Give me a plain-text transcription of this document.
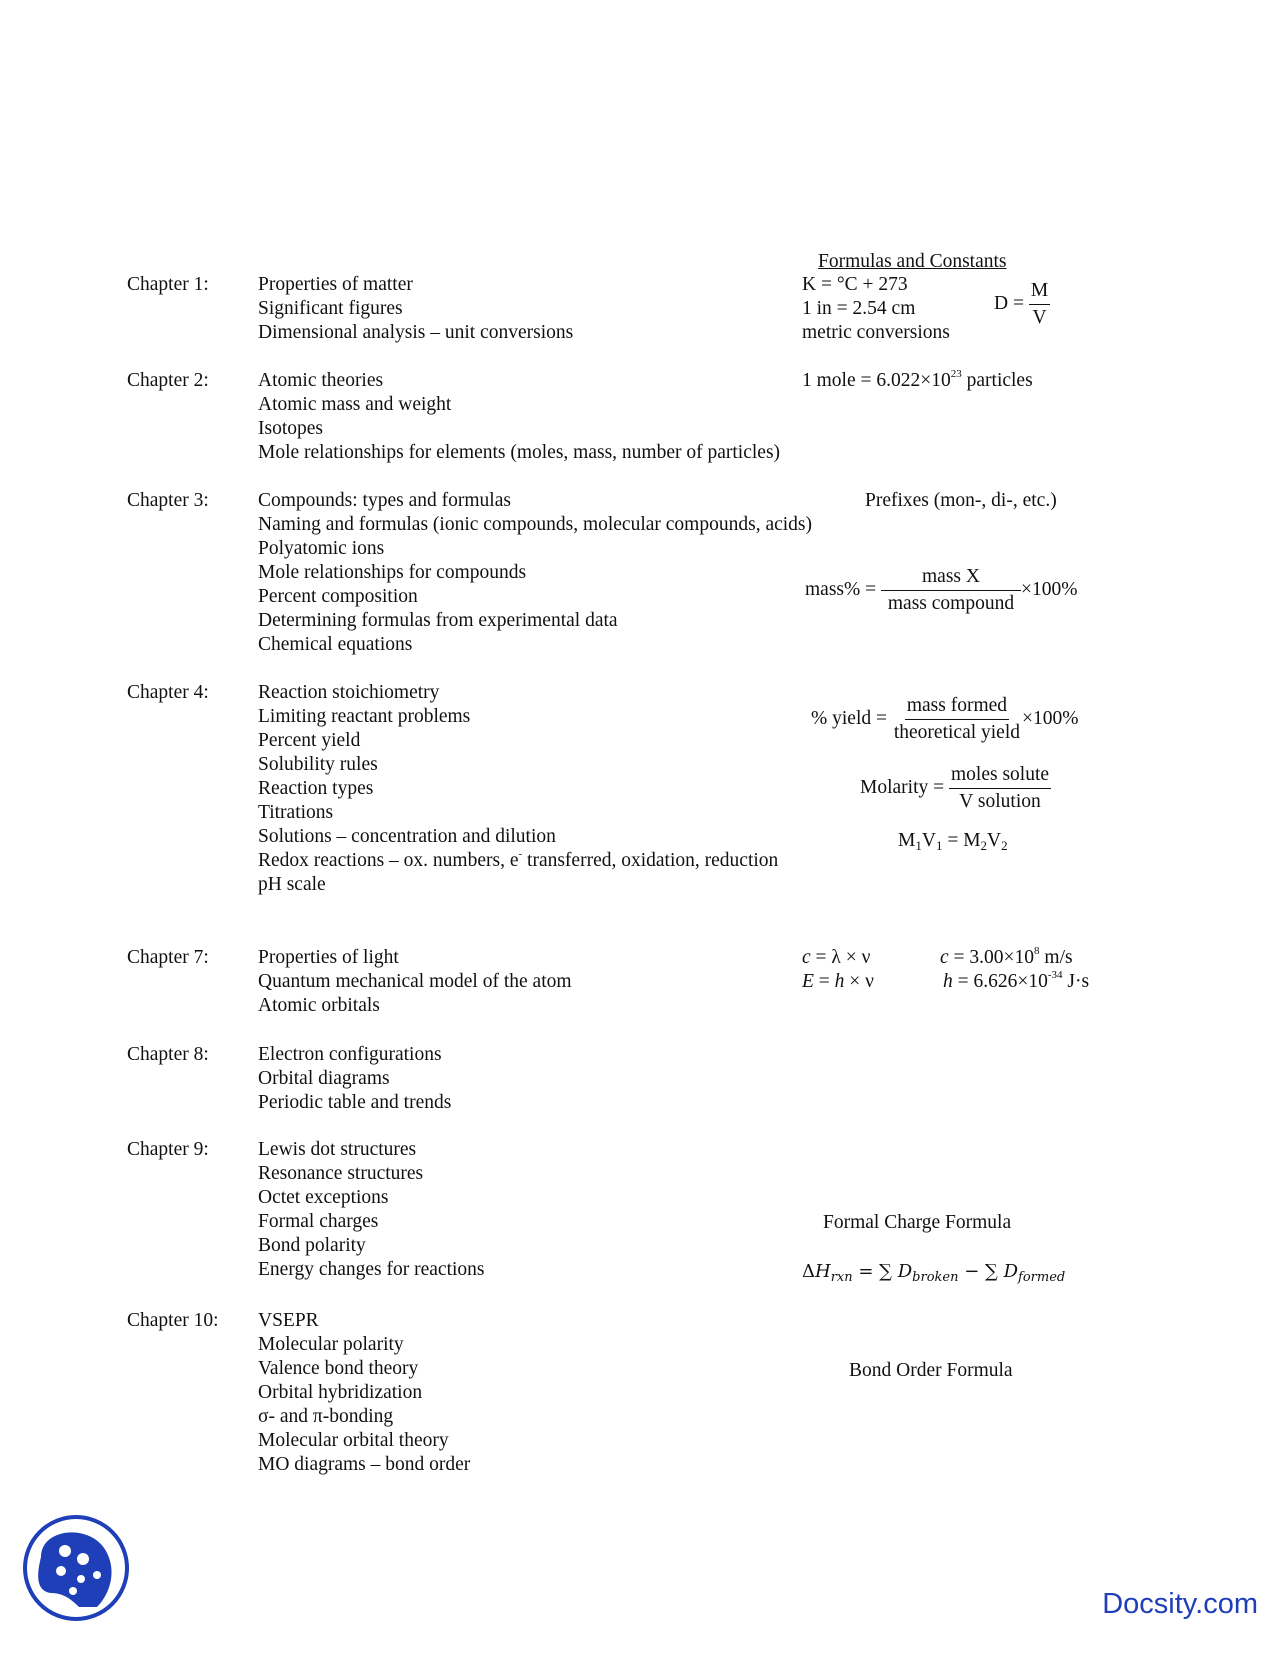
Formulas and Constants
Chapter 1:	Properties of matter
Significant figures
Dimensional analysis – unit conversions
Chapter 2:	Atomic theories
Atomic mass and weight
Isotopes
Mole relationships for elements (moles, mass, number of particles)
Chapter 3:	Compounds: types and formulas
Naming and formulas (ionic compounds, molecular compounds, acids)
Polyatomic ions
Mole relationships for compounds
Percent composition
Determining formulas from experimental data
Chemical equations
Chapter 4:	Reaction stoichiometry
Limiting reactant problems
Percent yield
Solubility rules
Reaction types
Titrations
Solutions – concentration and dilution
Redox reactions – ox. numbers, e- transferred, oxidation, reduction
pH scale
Chapter 7:	Properties of light
Quantum mechanical model of the atom
Atomic orbitals
Chapter 8:	Electron configurations
Orbital diagrams
Periodic table and trends
Chapter 9:	Lewis dot structures
Resonance structures
Octet exceptions
Formal charges
Bond polarity
Energy changes for reactions
Chapter 10: VSEPR
Molecular polarity
Valence bond theory
Orbital hybridization
σ- and π-bonding
Molecular orbital theory
MO diagrams – bond order
K = °C + 273
1 in = 2.54 cm
metric conversions
$D = \frac{M}{V}$
1 mole = $6.022\times 10^{23}$ particles
Prefixes (mon-, di-, etc.)
mass% = $\frac{\text{mass X}}{\text{mass compound}} \times 100\%$
% yield = $\frac{\text{mass formed}}{\text{theoretical yield}} \times 100\%$
Molarity = $\frac{\text{moles solute}}{\text{V solution}}$
$M_1V_1 = M_2V_2$
c = λ × ν
E = h × ν
$c = 3.00\times 10^8$ m/s
$h = 6.626\times 10^{-34}$ J·s
Formal Charge Formula
$\Delta H_{rxn}$ = ∑ $D_{broken}$ − ∑ $D_{formed}$
Bond Order Formula
Docsity.com
